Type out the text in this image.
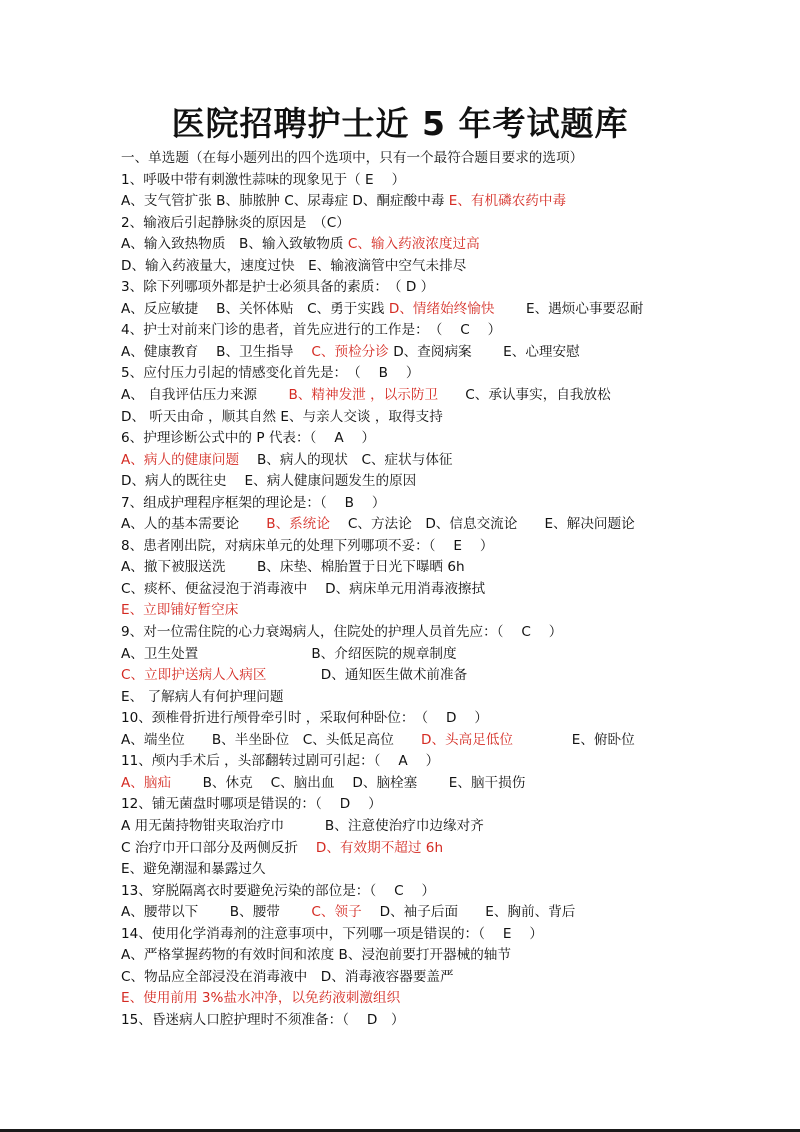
医院招聘护士近 5 年考试题库
一、单选题（在每小题列出的四个选项中，只有一个最符合题目要求的选项）
1、呼吸中带有刺激性蒜味的现象见于（ E　 ）
A、支气管扩张 B、肺脓肿 C、尿毒症 D、酮症酸中毒 E、有机磷农药中毒
2、输液后引起静脉炎的原因是　（C）
A、输入致热物质　B、输入致敏物质 C、输入药液浓度过高
D、输入药液量大，速度过快　E、输液滴管中空气未排尽
3、除下列哪项外都是护士必须具备的素质：　（ D ）
A、反应敏捷　 B、关怀体贴　C、勇于实践 D、情绪始终愉快　　 E、遇烦心事要忍耐
4、护士对前来门诊的患者，首先应进行的工作是：　（　 C　 ）
A、健康教育　 B、卫生指导　 C、预检分诊 D、查阅病案　　 E、心理安慰
5、应付压力引起的情感变化首先是：　（　 B　 ）
A、 自我评估压力来源　　 B、精神发泄 ，以示防卫　　C、承认事实，自我放松
D、 听天由命 ，顺其自然 E、与亲人交谈 ，取得支持
6、护理诊断公式中的 P 代表：（　 A　 ）
A、病人的健康问题　 B、病人的现状　C、症状与体征
D、病人的既往史　 E、病人健康问题发生的原因
7、组成护理程序框架的理论是：（　 B　 ）
A、人的基本需要论　　B、系统论　 C、方法论　D、信息交流论　　E、解决问题论
8、患者刚出院，对病床单元的处理下列哪项不妥：（　 E　 ）
A、撤下被服送洗　　 B、床垫、棉胎置于日光下曝晒 6h
C、痰杯、便盆浸泡于消毒液中　 D、病床单元用消毒液擦拭
E、立即铺好暂空床
9、对一位需住院的心力衰竭病人，住院处的护理人员首先应：（　 C　 ）
A、卫生处置　　　　　　　　 B、介绍医院的规章制度
C、立即护送病人入病区　　　　D、通知医生做术前准备
E、 了解病人有何护理问题
10、颈椎骨折进行颅骨牵引时 ，采取何种卧位：　（　 D　 ）
A、端坐位　　B、半坐卧位　C、头低足高位　　D、头高足低位　　　　 E、俯卧位
11、颅内手术后 ，头部翻转过剧可引起：（　 A　 ）
A、脑疝　　 B、休克　 C、脑出血　 D、脑栓塞　　 E、脑干损伤
12、铺无菌盘时哪项是错误的：（　 D　 ）
A 用无菌持物钳夹取治疗巾　　　B、注意使治疗巾边缘对齐
C 治疗巾开口部分及两侧反折　 D、有效期不超过 6h
E、避免潮湿和暴露过久
13、穿脱隔离衣时要避免污染的部位是：（　 C　 ）
A、腰带以下　　 B、腰带　　 C、领子　 D、袖子后面　　E、胸前、背后
14、使用化学消毒剂的注意事项中，下列哪一项是错误的：（　 E　 ）
A、严格掌握药物的有效时间和浓度 B、浸泡前要打开器械的轴节
C、物品应全部浸没在消毒液中　D、消毒液容器要盖严
E、使用前用 3%盐水冲净，以免药液刺激组织
15、昏迷病人口腔护理时不须准备：（　 D　）
